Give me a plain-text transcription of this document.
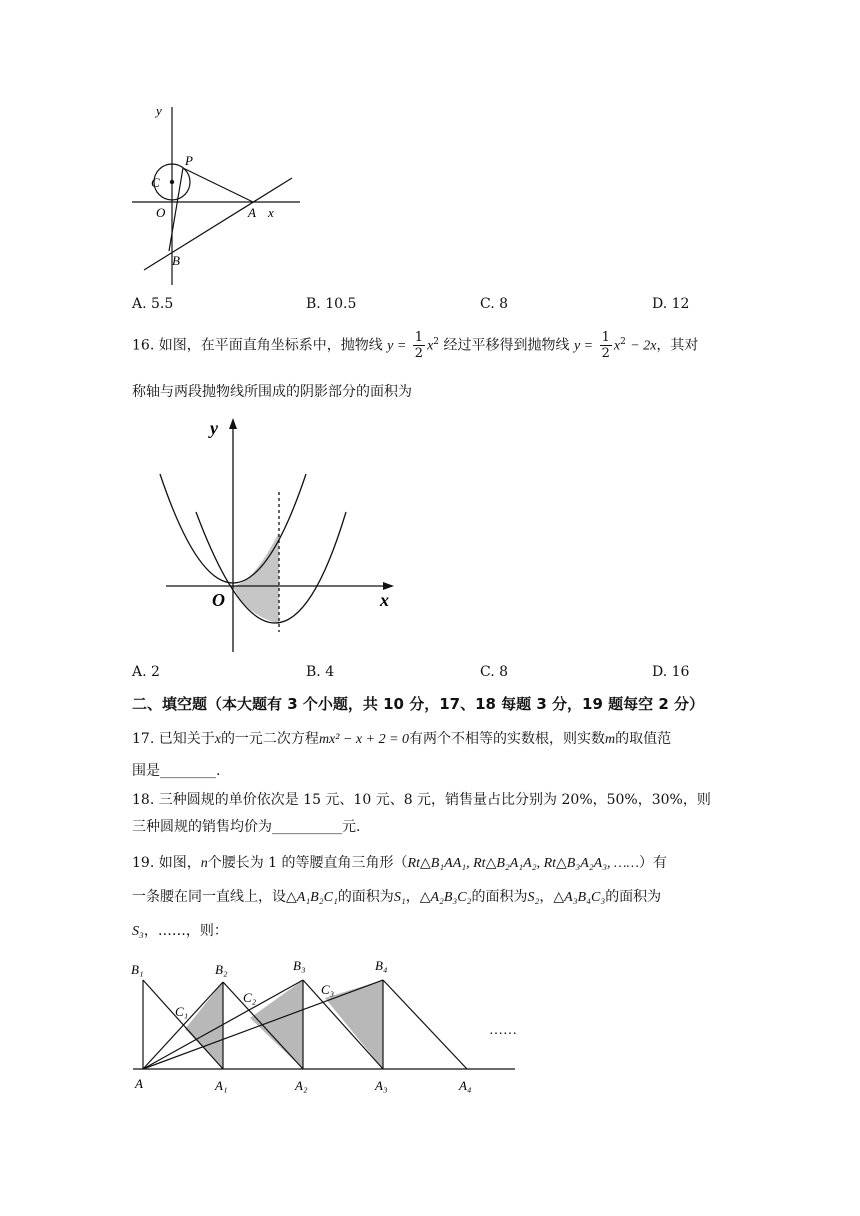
y
x
P
C
O	A
B
A. 5.5	B. 10.5	C. 8	D. 12
16. 如图，在平面直角坐标系中，抛物线 $y = \frac{1}{2} x^2$ 经过平移得到抛物线 $y = \frac{1}{2} x^2 - 2x$，其对
称轴与两段抛物线所围成的阴影部分的面积为
y
x
O
A. 2	B. 4	C. 8	D. 16
二、填空题（本大题有 3 个小题，共 10 分，17、18 每题 3 分，19 题每空 2 分）
17. 已知关于x的一元二次方程mx² − x + 2 = 0有两个不相等的实数根，则实数m的取值范
围是________.
18. 三种圆规的单价依次是 15 元、10 元、8 元，销售量占比分别为 20%，50%，30%，则
三种圆规的销售均价为__________元.
19. 如图，n个腰长为 1 的等腰直角三角形（Rt△B₁AA₁, Rt△B₂A₁A₂, Rt△B₃A₂A₃, ……）有
一条腰在同一直线上，设△A₁B₂C₁的面积为S₁，△A₂B₃C₂的面积为S₂，△A₃B₄C₃的面积为
S₃，……，则：
B₁	B₂	B₃	B₄
C₁
C₂
C₃
……
A	A₁	A₂	A₃	A₄
